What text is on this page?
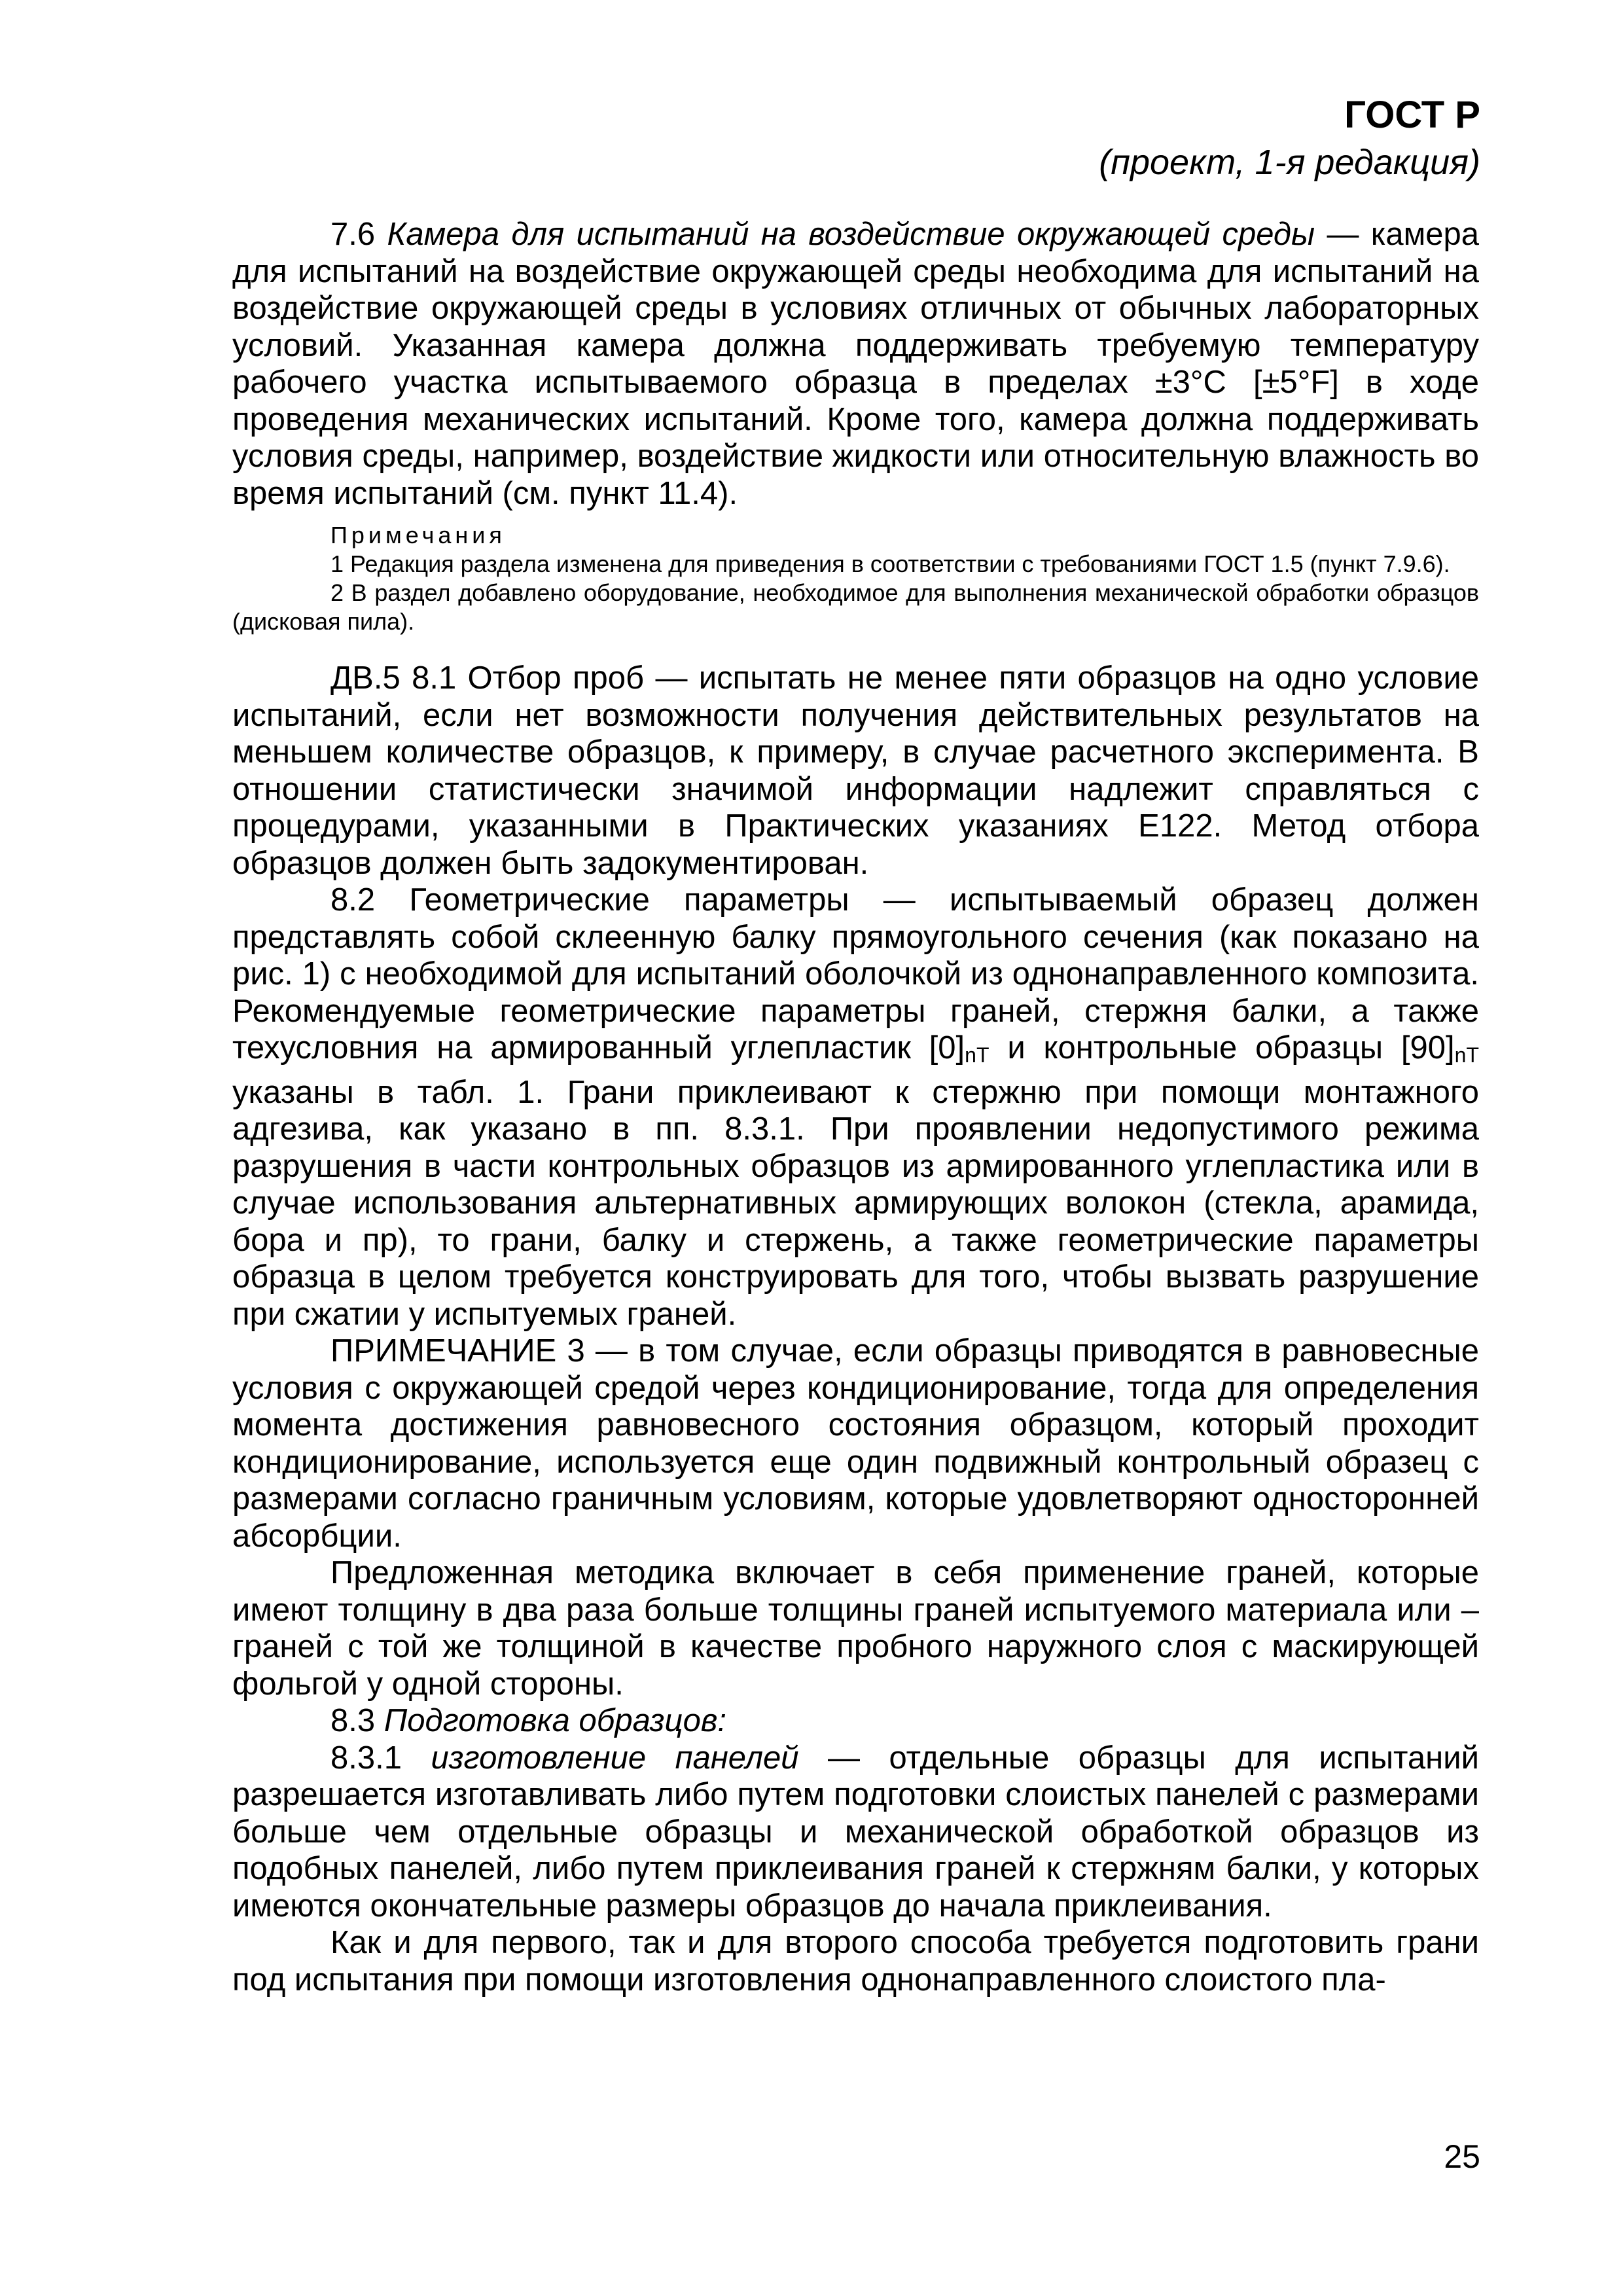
ГОСТ Р
(проект, 1-я редакция)

7.6 Камера для испытаний на воздействие окружающей среды — камера для испытаний на воздействие окружающей среды необходима для испытаний на воздействие окружающей среды в условиях отличных от обычных лабораторных условий. Указанная камера должна поддерживать требуемую температуру рабочего участка испытываемого образца в пределах ±3°C [±5°F] в ходе проведения механических испытаний. Кроме того, камера должна поддерживать условия среды, например, воздействие жидкости или относительную влажность во время испытаний (см. пункт 11.4).

Примечания

1 Редакция раздела изменена для приведения в соответствии с требованиями ГОСТ 1.5 (пункт 7.9.6).

2 В раздел добавлено оборудование, необходимое для выполнения механической обработки образцов (дисковая пила).

ДВ.5 8.1 Отбор проб — испытать не менее пяти образцов на одно условие испытаний, если нет возможности получения действительных результатов на меньшем количестве образцов, к примеру, в случае расчетного эксперимента. В отношении статистически значимой информации надлежит справляться с процедурами, указанными в Практических указаниях E122. Метод отбора образцов должен быть задокументирован.

8.2 Геометрические параметры — испытываемый образец должен представлять собой склеенную балку прямоугольного сечения (как показано на рис. 1) с необходимой для испытаний оболочкой из однонаправленного композита. Рекомендуемые геометрические параметры граней, стержня балки, а также техусловния на армированный углепластик [0]nT и контрольные образцы [90]nT указаны в табл. 1. Грани приклеивают к стержню при помощи монтажного адгезива, как указано в пп. 8.3.1. При проявлении недопустимого режима разрушения в части контрольных образцов из армированного углепластика или в случае использования альтернативных армирующих волокон (стекла, арамида, бора и пр), то грани, балку и стержень, а также геометрические параметры образца в целом требуется конструировать для того, чтобы вызвать разрушение при сжатии у испытуемых граней.

ПРИМЕЧАНИЕ 3 — в том случае, если образцы приводятся в равновесные условия с окружающей средой через кондиционирование, тогда для определения момента достижения равновесного состояния образцом, который проходит кондиционирование, используется еще один подвижный контрольный образец с размерами согласно граничным условиям, которые удовлетворяют односторонней абсорбции.

Предложенная методика включает в себя применение граней, которые имеют толщину в два раза больше толщины граней испытуемого материала или – граней с той же толщиной в качестве пробного наружного слоя с маскирующей фольгой у одной стороны.

8.3 Подготовка образцов:

8.3.1 изготовление панелей — отдельные образцы для испытаний разрешается изготавливать либо путем подготовки слоистых панелей с размерами больше чем отдельные образцы и механической обработкой образцов из подобных панелей, либо путем приклеивания граней к стержням балки, у которых имеются окончательные размеры образцов до начала приклеивания.

Как и для первого, так и для второго способа требуется подготовить грани под испытания при помощи изготовления однонаправленного слоистого пла-

25
